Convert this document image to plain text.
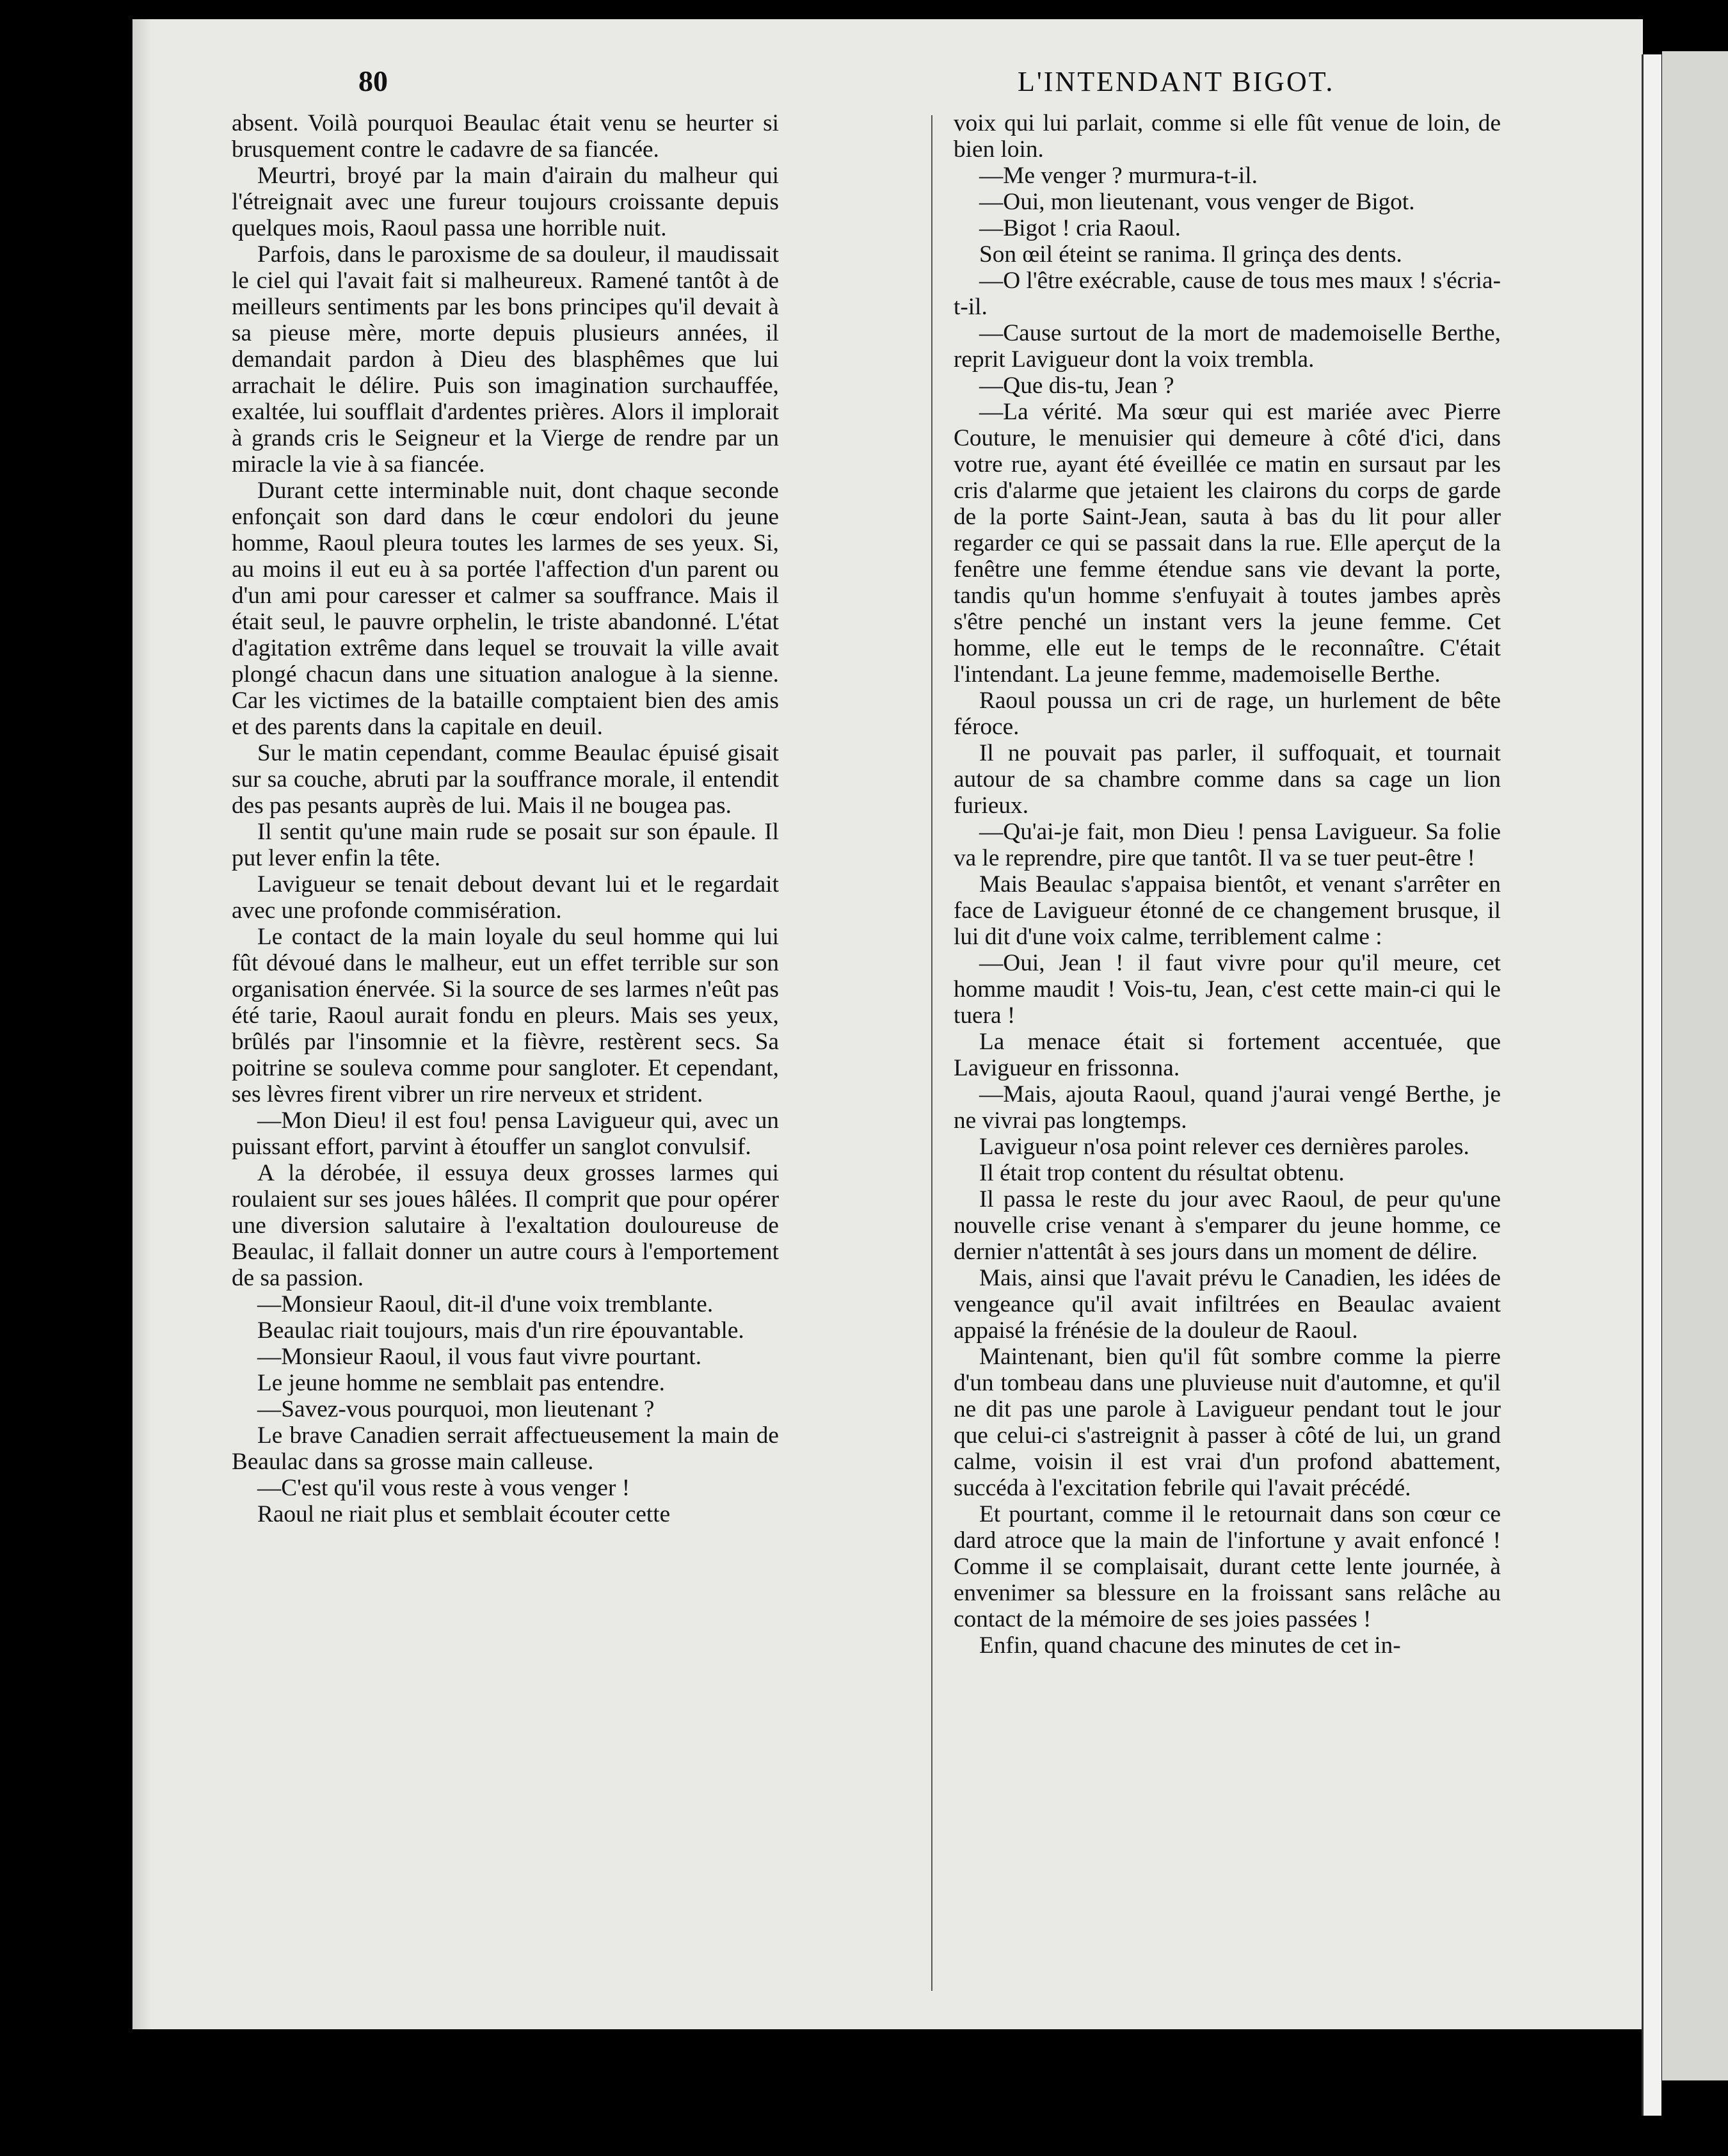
80	L'INTENDANT BIGOT.

absent. Voilà pourquoi Beaulac était venu se heurter si brusquement contre le cadavre de sa fiancée.

Meurtri, broyé par la main d'airain du malheur qui l'étreignait avec une fureur toujours croissante depuis quelques mois, Raoul passa une horrible nuit.

Parfois, dans le paroxisme de sa douleur, il maudissait le ciel qui l'avait fait si malheureux. Ramené tantôt à de meilleurs sentiments par les bons principes qu'il devait à sa pieuse mère, morte depuis plusieurs années, il demandait pardon à Dieu des blasphêmes que lui arrachait le délire. Puis son imagination surchauffée, exaltée, lui soufflait d'ardentes prières. Alors il implorait à grands cris le Seigneur et la Vierge de rendre par un miracle la vie à sa fiancée.

Durant cette interminable nuit, dont chaque seconde enfonçait son dard dans le cœur endolori du jeune homme, Raoul pleura toutes les larmes de ses yeux. Si, au moins il eut eu à sa portée l'affection d'un parent ou d'un ami pour caresser et calmer sa souffrance. Mais il était seul, le pauvre orphelin, le triste abandonné. L'état d'agitation extrême dans lequel se trouvait la ville avait plongé chacun dans une situation analogue à la sienne. Car les victimes de la bataille comptaient bien des amis et des parents dans la capitale en deuil.

Sur le matin cependant, comme Beaulac épuisé gisait sur sa couche, abruti par la souffrance morale, il entendit des pas pesants auprès de lui. Mais il ne bougea pas.

Il sentit qu'une main rude se posait sur son épaule. Il put lever enfin la tête.

Lavigueur se tenait debout devant lui et le regardait avec une profonde commisération.

Le contact de la main loyale du seul homme qui lui fût dévoué dans le malheur, eut un effet terrible sur son organisation énervée. Si la source de ses larmes n'eût pas été tarie, Raoul aurait fondu en pleurs. Mais ses yeux, brûlés par l'insomnie et la fièvre, restèrent secs. Sa poitrine se souleva comme pour sangloter. Et cependant, ses lèvres firent vibrer un rire nerveux et strident.

—Mon Dieu! il est fou! pensa Lavigueur qui, avec un puissant effort, parvint à étouffer un sanglot convulsif.

A la dérobée, il essuya deux grosses larmes qui roulaient sur ses joues hâlées. Il comprit que pour opérer une diversion salutaire à l'exaltation douloureuse de Beaulac, il fallait donner un autre cours à l'emportement de sa passion.

—Monsieur Raoul, dit-il d'une voix tremblante.

Beaulac riait toujours, mais d'un rire épouvantable.

—Monsieur Raoul, il vous faut vivre pourtant.

Le jeune homme ne semblait pas entendre.

—Savez-vous pourquoi, mon lieutenant ?

Le brave Canadien serrait affectueusement la main de Beaulac dans sa grosse main calleuse.

—C'est qu'il vous reste à vous venger !

Raoul ne riait plus et semblait écouter cette

voix qui lui parlait, comme si elle fût venue de loin, de bien loin.

—Me venger ? murmura-t-il.

—Oui, mon lieutenant, vous venger de Bigot.

—Bigot ! cria Raoul.

Son œil éteint se ranima. Il grinça des dents.

—O l'être exécrable, cause de tous mes maux ! s'écria-t-il.

—Cause surtout de la mort de mademoiselle Berthe, reprit Lavigueur dont la voix trembla.

—Que dis-tu, Jean ?

—La vérité. Ma sœur qui est mariée avec Pierre Couture, le menuisier qui demeure à côté d'ici, dans votre rue, ayant été éveillée ce matin en sursaut par les cris d'alarme que jetaient les clairons du corps de garde de la porte Saint-Jean, sauta à bas du lit pour aller regarder ce qui se passait dans la rue. Elle aperçut de la fenêtre une femme étendue sans vie devant la porte, tandis qu'un homme s'enfuyait à toutes jambes après s'être penché un instant vers la jeune femme. Cet homme, elle eut le temps de le reconnaître. C'était l'intendant. La jeune femme, mademoiselle Berthe.

Raoul poussa un cri de rage, un hurlement de bête féroce.

Il ne pouvait pas parler, il suffoquait, et tournait autour de sa chambre comme dans sa cage un lion furieux.

—Qu'ai-je fait, mon Dieu ! pensa Lavigueur. Sa folie va le reprendre, pire que tantôt. Il va se tuer peut-être !

Mais Beaulac s'appaisa bientôt, et venant s'arrêter en face de Lavigueur étonné de ce changement brusque, il lui dit d'une voix calme, terriblement calme :

—Oui, Jean ! il faut vivre pour qu'il meure, cet homme maudit ! Vois-tu, Jean, c'est cette main-ci qui le tuera !

La menace était si fortement accentuée, que Lavigueur en frissonna.

—Mais, ajouta Raoul, quand j'aurai vengé Berthe, je ne vivrai pas longtemps.

Lavigueur n'osa point relever ces dernières paroles.

Il était trop content du résultat obtenu.

Il passa le reste du jour avec Raoul, de peur qu'une nouvelle crise venant à s'emparer du jeune homme, ce dernier n'attentât à ses jours dans un moment de délire.

Mais, ainsi que l'avait prévu le Canadien, les idées de vengeance qu'il avait infiltrées en Beaulac avaient appaisé la frénésie de la douleur de Raoul.

Maintenant, bien qu'il fût sombre comme la pierre d'un tombeau dans une pluvieuse nuit d'automne, et qu'il ne dit pas une parole à Lavigueur pendant tout le jour que celui-ci s'astreignit à passer à côté de lui, un grand calme, voisin il est vrai d'un profond abattement, succéda à l'excitation febrile qui l'avait précédé.

Et pourtant, comme il le retournait dans son cœur ce dard atroce que la main de l'infortune y avait enfoncé ! Comme il se complaisait, durant cette lente journée, à envenimer sa blessure en la froissant sans relâche au contact de la mémoire de ses joies passées !

Enfin, quand chacune des minutes de cet in-
